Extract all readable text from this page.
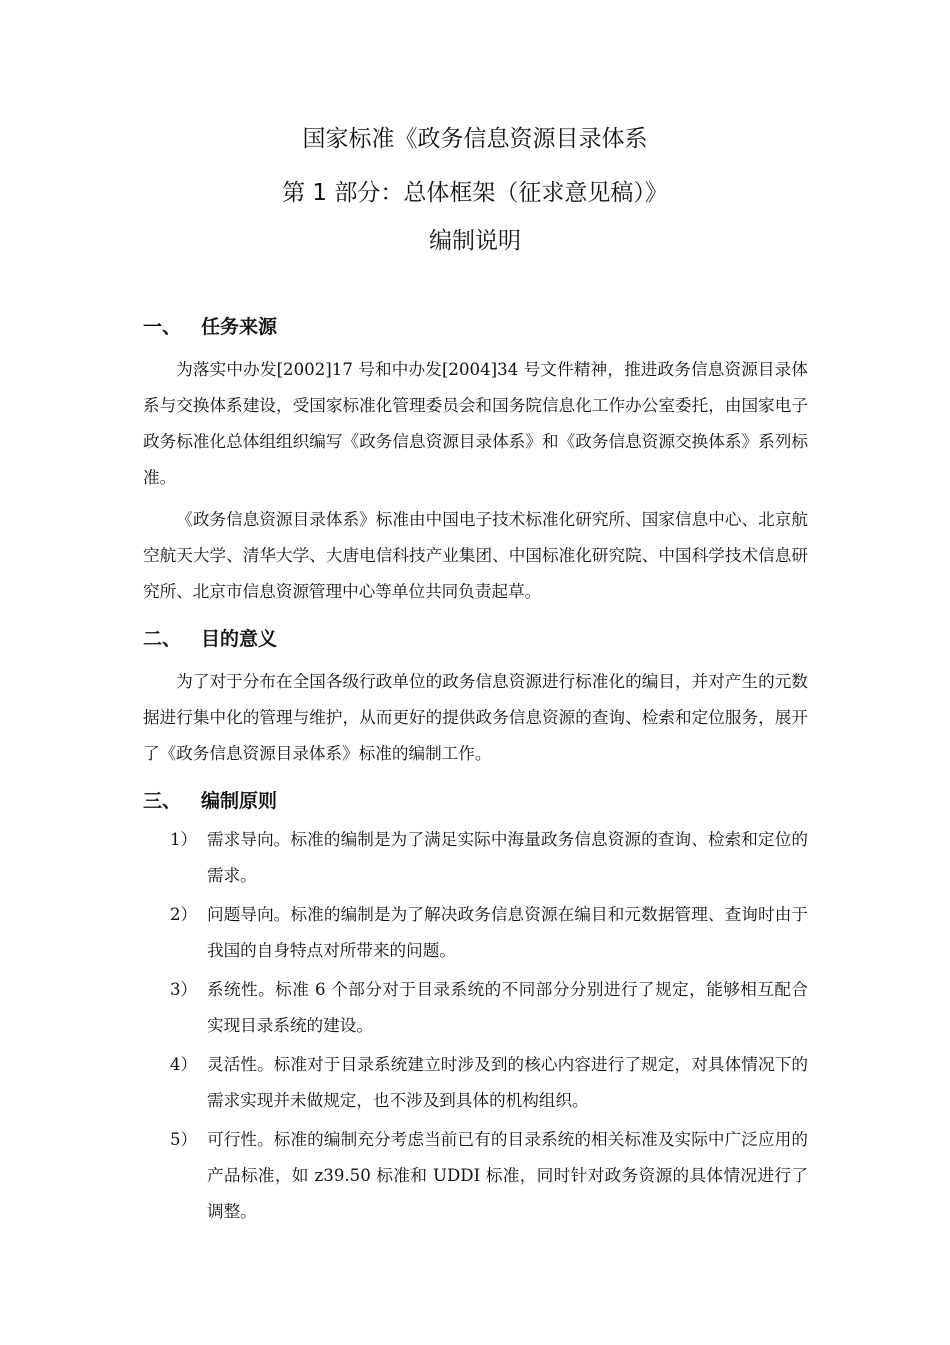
国家标准《政务信息资源目录体系
第 1 部分：总体框架（征求意见稿）》
编制说明
一、 任务来源

为落实中办发[2002]17 号和中办发[2004]34 号文件精神，推进政务信息资源目录体系与交换体系建设，受国家标准化管理委员会和国务院信息化工作办公室委托，由国家电子政务标准化总体组组织编写《政务信息资源目录体系》和《政务信息资源交换体系》系列标准。

《政务信息资源目录体系》标准由中国电子技术标准化研究所、国家信息中心、北京航空航天大学、清华大学、大唐电信科技产业集团、中国标准化研究院、中国科学技术信息研究所、北京市信息资源管理中心等单位共同负责起草。

二、 目的意义

为了对于分布在全国各级行政单位的政务信息资源进行标准化的编目，并对产生的元数据进行集中化的管理与维护，从而更好的提供政务信息资源的查询、检索和定位服务，展开了《政务信息资源目录体系》标准的编制工作。

三、 编制原则
1） 需求导向。标准的编制是为了满足实际中海量政务信息资源的查询、检索和定位的需求。
2） 问题导向。标准的编制是为了解决政务信息资源在编目和元数据管理、查询时由于我国的自身特点对所带来的问题。
3） 系统性。标准 6 个部分对于目录系统的不同部分分别进行了规定，能够相互配合实现目录系统的建设。
4） 灵活性。标准对于目录系统建立时涉及到的核心内容进行了规定，对具体情况下的需求实现并未做规定，也不涉及到具体的机构组织。
5） 可行性。标准的编制充分考虑当前已有的目录系统的相关标准及实际中广泛应用的产品标准，如 z39.50 标准和 UDDI 标准，同时针对政务资源的具体情况进行了调整。
